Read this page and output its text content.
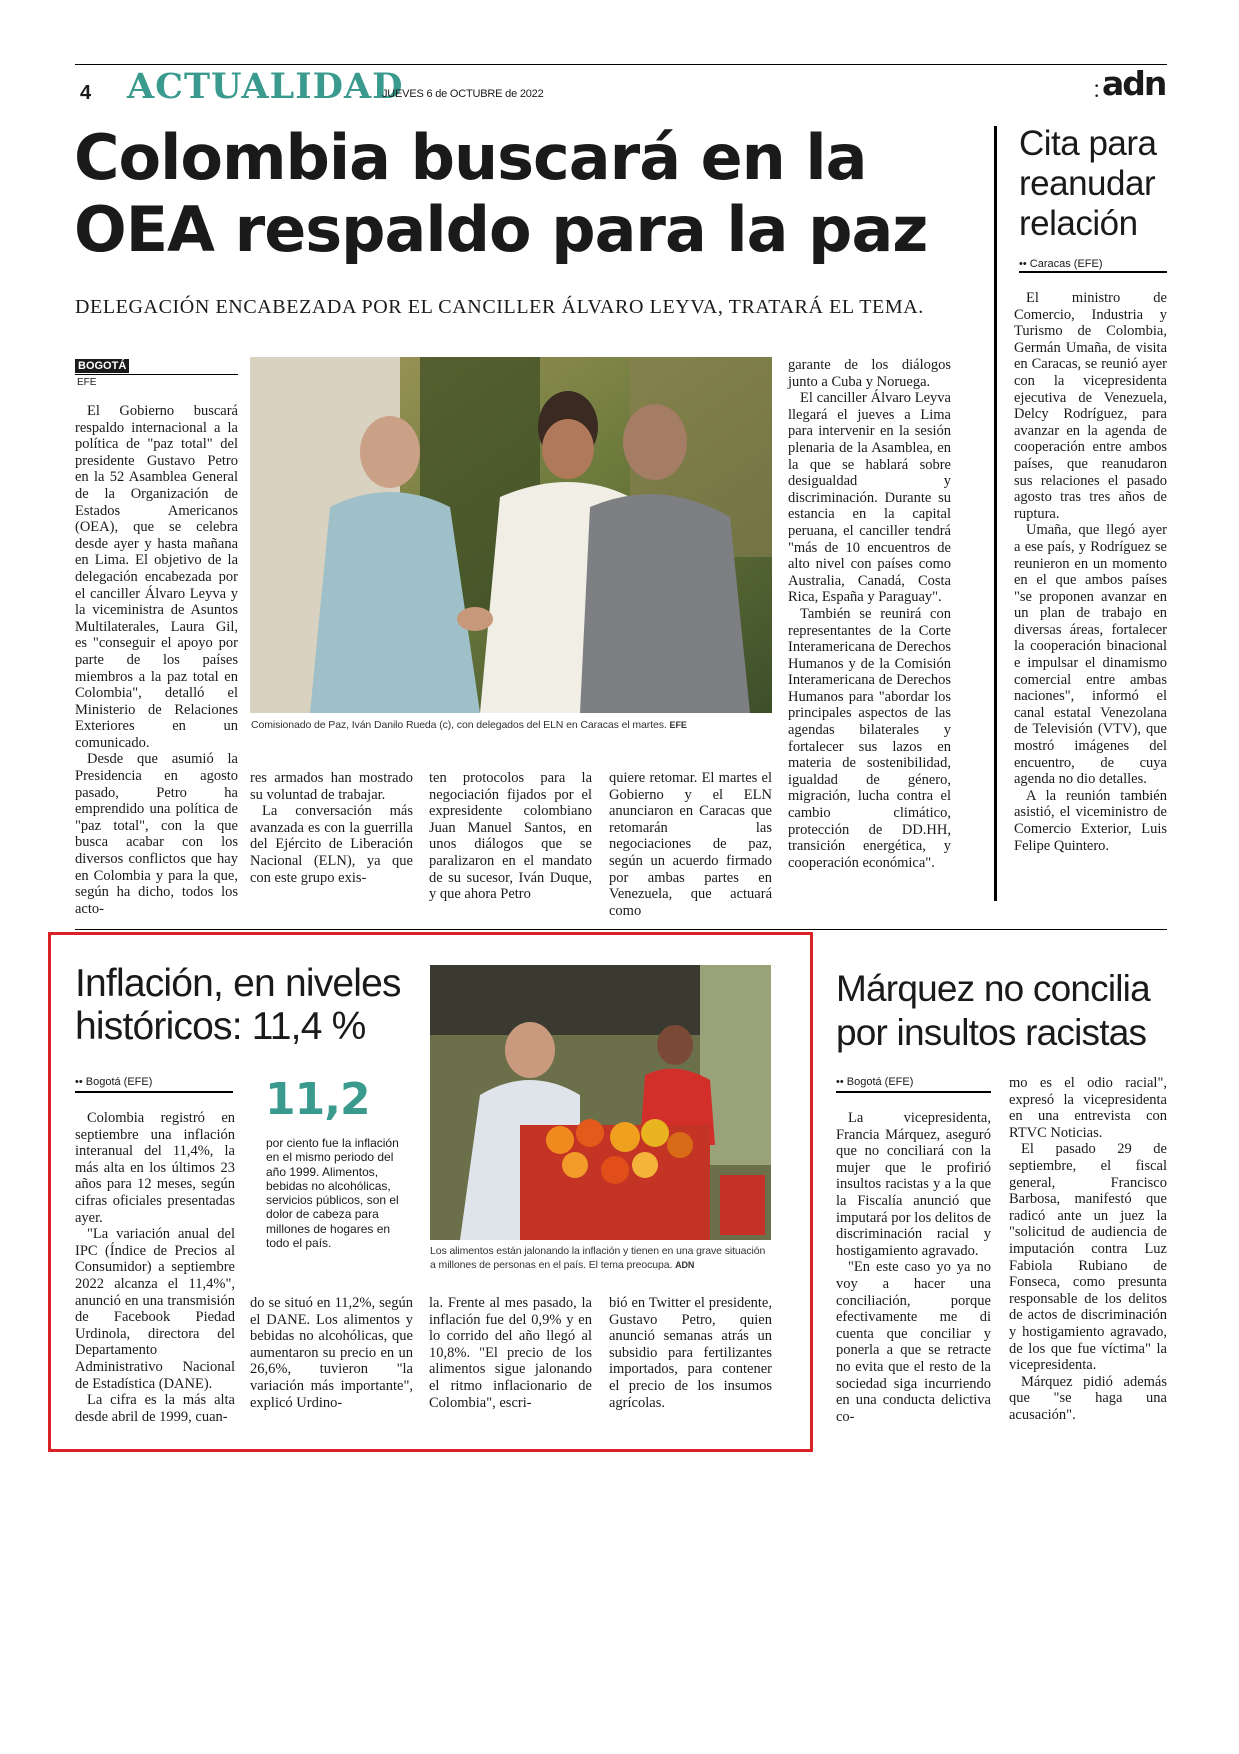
4 ACTUALIDAD
JUEVES 6 de OCTUBRE de 2022
•
• adn
Colombia buscará en la
OEA respaldo para la paz
DELEGACIÓN ENCABEZADA POR EL CANCILLER ÁLVARO LEYVA, TRATARÁ EL TEMA.
BOGOTÁ
EFE

El Gobierno buscará respaldo internacional a la política de "paz total" del presidente Gustavo Petro en la 52 Asamblea General de la Organización de Estados Americanos (OEA), que se celebra desde ayer y hasta mañana en Lima. El objetivo de la delegación encabezada por el canciller Álvaro Leyva y la viceministra de Asuntos Multilaterales, Laura Gil, es "conseguir el apoyo por parte de los países miembros a la paz total en Colombia", detalló el Ministerio de Relaciones Exteriores en un comunicado.

Desde que asumió la Presidencia en agosto pasado, Petro ha emprendido una política de "paz total", con la que busca acabar con los diversos conflictos que hay en Colombia y para la que, según ha dicho, todos los acto-

Comisionado de Paz, Iván Danilo Rueda (c), con delegados del ELN en Caracas el martes. EFE

res armados han mostrado su voluntad de trabajar.

La conversación más avanzada es con la guerrilla del Ejército de Liberación Nacional (ELN), ya que con este grupo exis-

ten protocolos para la negociación fijados por el expresidente colombiano Juan Manuel Santos, en unos diálogos que se paralizaron en el mandato de su sucesor, Iván Duque, y que ahora Petro
quiere retomar. El martes el Gobierno y el ELN anunciaron en Caracas que retomarán las negociaciones de paz, según un acuerdo firmado por ambas partes en Venezuela, que actuará como

garante de los diálogos junto a Cuba y Noruega.

El canciller Álvaro Leyva llegará el jueves a Lima para intervenir en la sesión plenaria de la Asamblea, en la que se hablará sobre desigualdad y discriminación. Durante su estancia en la capital peruana, el canciller tendrá "más de 10 encuentros de alto nivel con países como Australia, Canadá, Costa Rica, España y Paraguay".

También se reunirá con representantes de la Corte Interamericana de Derechos Humanos y de la Comisión Interamericana de Derechos Humanos para "abordar los principales aspectos de las agendas bilaterales y fortalecer sus lazos en materia de sostenibilidad, igualdad de género, migración, lucha contra el cambio climático, protección de DD.HH, transición energética, y cooperación económica".

Cita para reanudar relación
•• Caracas (EFE)

El ministro de Comercio, Industria y Turismo de Colombia, Germán Umaña, de visita en Caracas, se reunió ayer con la vicepresidenta ejecutiva de Venezuela, Delcy Rodríguez, para avanzar en la agenda de cooperación entre ambos países, que reanudaron sus relaciones el pasado agosto tras tres años de ruptura.

Umaña, que llegó ayer a ese país, y Rodríguez se reunieron en un momento en el que ambos países "se proponen avanzar en un plan de trabajo en diversas áreas, fortalecer la cooperación binacional e impulsar el dinamismo comercial entre ambas naciones", informó el canal estatal Venezolana de Televisión (VTV), que mostró imágenes del encuentro, de cuya agenda no dio detalles.

A la reunión también asistió, el viceministro de Comercio Exterior, Luis Felipe Quintero.

Inflación, en niveles históricos: 11,4 %
•• Bogotá (EFE)

Colombia registró en septiembre una inflación interanual del 11,4%, la más alta en los últimos 23 años para 12 meses, según cifras oficiales presentadas ayer.

"La variación anual del IPC (Índice de Precios al Consumidor) a septiembre 2022 alcanza el 11,4%", anunció en una transmisión de Facebook Piedad Urdinola, directora del Departamento Administrativo Nacional de Estadística (DANE).

La cifra es la más alta desde abril de 1999, cuan-

11,2
por ciento fue la inflación en el mismo periodo del año 1999. Alimentos, bebidas no alcohólicas, servicios públicos, son el dolor de cabeza para millones de hogares en todo el país.
Los alimentos están jalonando la inflación y tienen en una grave situación a millones de personas en el país. El tema preocupa. ADN
do se situó en 11,2%, según el DANE. Los alimentos y bebidas no alcohólicas, que aumentaron su precio en un 26,6%, tuvieron "la variación más importante", explicó Urdino-
la. Frente al mes pasado, la inflación fue del 0,9% y en lo corrido del año llegó al 10,8%. "El precio de los alimentos sigue jalonando el ritmo inflacionario de Colombia", escri-
bió en Twitter el presidente, Gustavo Petro, quien anunció semanas atrás un subsidio para fertilizantes importados, para contener el precio de los insumos agrícolas.
Márquez no concilia por insultos racistas
•• Bogotá (EFE)

La vicepresidenta, Francia Márquez, aseguró que no conciliará con la mujer que le profirió insultos racistas y a la que la Fiscalía anunció que imputará por los delitos de discriminación racial y hostigamiento agravado.

"En este caso yo ya no voy a hacer una conciliación, porque efectivamente me di cuenta que conciliar y ponerla a que se retracte no evita que el resto de la sociedad siga incurriendo en una conducta delictiva co-

mo es el odio racial", expresó la vicepresidenta en una entrevista con RTVC Noticias.

El pasado 29 de septiembre, el fiscal general, Francisco Barbosa, manifestó que radicó ante un juez la "solicitud de audiencia de imputación contra Luz Fabiola Rubiano de Fonseca, como presunta responsable de los delitos de actos de discriminación y hostigamiento agravado, de los que fue víctima" la vicepresidenta.

Márquez pidió además que "se haga una acusación".
